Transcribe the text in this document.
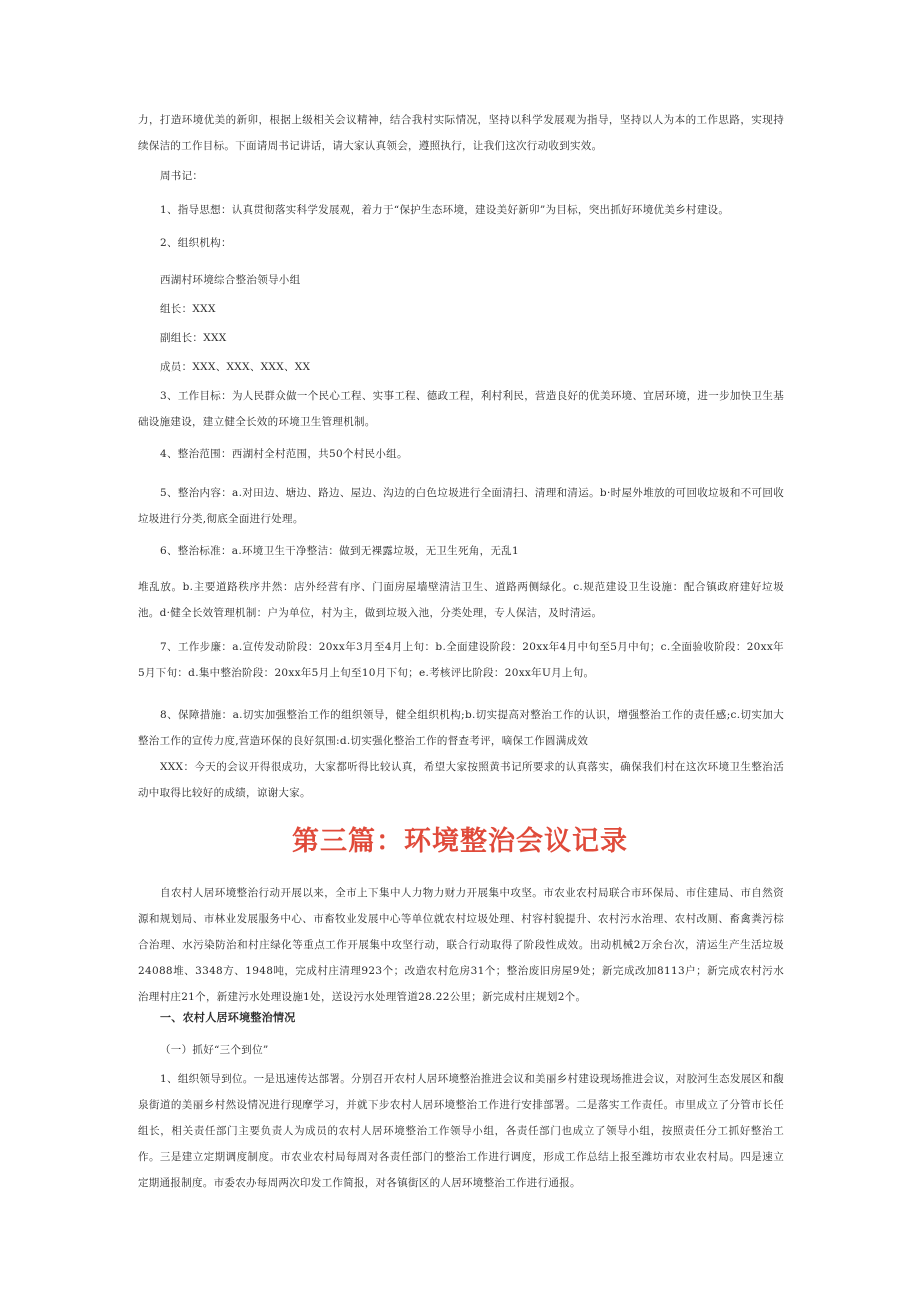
力，打造环境优美的新卯，根据上级相关会议精神，结合我村实际情况，坚持以科学发展观为指导，坚持以人为本的工作思路，实现持续保洁的工作目标。下面请周书记讲话，请大家认真领会，遵照执行，让我们这次行动收到实效。

周书记：

1、指导思想：认真贯彻落实科学发展观，着力于“保护生态环境，建设美好新卯”为目标，突出抓好环境优美乡村建设。

2、组织机构：

西湖村环境综合整治领导小组

组长：XXX

副组长：XXX

成员：XXX、XXX、XXX、XX

3、工作目标：为人民群众做一个民心工程、实事工程、德政工程，利村利民，营造良好的优美环境、宜居环境，进一步加快卫生基础设施建设，建立健全长效的环境卫生管理机制。

4、整治范围：西湖村全村范围，共50个村民小组。

5、整治内容：a.对田边、塘边、路边、屋边、沟边的白色垃圾进行全面清扫、清理和清运。b·时屋外堆放的可回收垃圾和不可回收垃圾进行分类,彻底全面进行处理。

6、整治标准：a.环境卫生干净整洁：做到无裸露垃圾，无卫生死角，无乱1

堆乱放。b.主要道路秩序井然：店外经营有序、门面房屋墙壁清洁卫生、道路两侧绿化。c.规范建设卫生设施：配合镇政府建好垃圾池。d·健全长效管理机制：户为单位，村为主，做到垃圾入池，分类处理，专人保洁，及时清运。

7、工作步廉：a.宣传发动阶段：20xx年3月至4月上旬：b.全面建设阶段：20xx年4月中旬至5月中旬；c.全面验收阶段：20xx年5月下旬：d.集中整治阶段：20xx年5月上旬至10月下旬；e.考核评比阶段：20xx年U月上旬。

8、保障措施：a.切实加强整治工作的组织领导，健全组织机构;b.切实提高对整治工作的认识，增强整治工作的责任感;c.切实加大整治工作的宣传力度,营造环保的良好氛围:d.切实强化整治工作的督查考评，嘀保工作圆满成效

XXX：今天的会议开得很成功，大家都听得比较认真，希望大家按照黄书记所要求的认真落实，确保我们村在这次环境卫生整治活动中取得比较好的成绩，谅谢大家。

第三篇：环境整治会议记录

自农村人居环境整治行动开展以来，全市上下集中人力物力财力开展集中攻坚。市农业农村局联合市环保局、市住建局、市自然资源和规划局、市林业发展服务中心、市畜牧业发展中心等单位就农村垃圾处理、村容村貌提升、农村污水治理、农村改厕、畜禽粪污棕合治理、水污染防治和村庄绿化等重点工作开展集中攻坚行动，联合行动取得了阶段性成效。出动机械2万余台次，清运生产生活垃圾24088堆、3348方、1948吨，完成村庄清理923个；改造农村危房31个；整治废旧房屋9处；新完成改加8113户；新完成农村污水治理村庄21个，新建污水处理设施1处，送设污水处理管道28.22公里；新完成村庄规划2个。

一、农村人居环境整治情况

（一）抓好“三个到位”

1、组织领导到位。一是迅速传达部署。分别召开农村人居环境整治推进会议和美丽乡村建设现场推进会议，对胶河生态发展区和馥泉街道的美丽乡村然设情况进行现摩学习，并就下步农村人居环境整治工作进行安排部署。二是落实工作责任。市里成立了分管市长任组长，相关责任部门主要负责人为成员的农村人居环境整治工作领导小组，各责任部门也成立了领导小组，按照责任分工抓好整治工作。三是建立定期调度制度。市农业农村局每周对各责任部门的整治工作进行调度，形成工作总结上报至潍坊市农业农村局。四是速立定期通报制度。市委农办每周两次印发工作简报，对各镇街区的人居环境整治工作进行通报。
